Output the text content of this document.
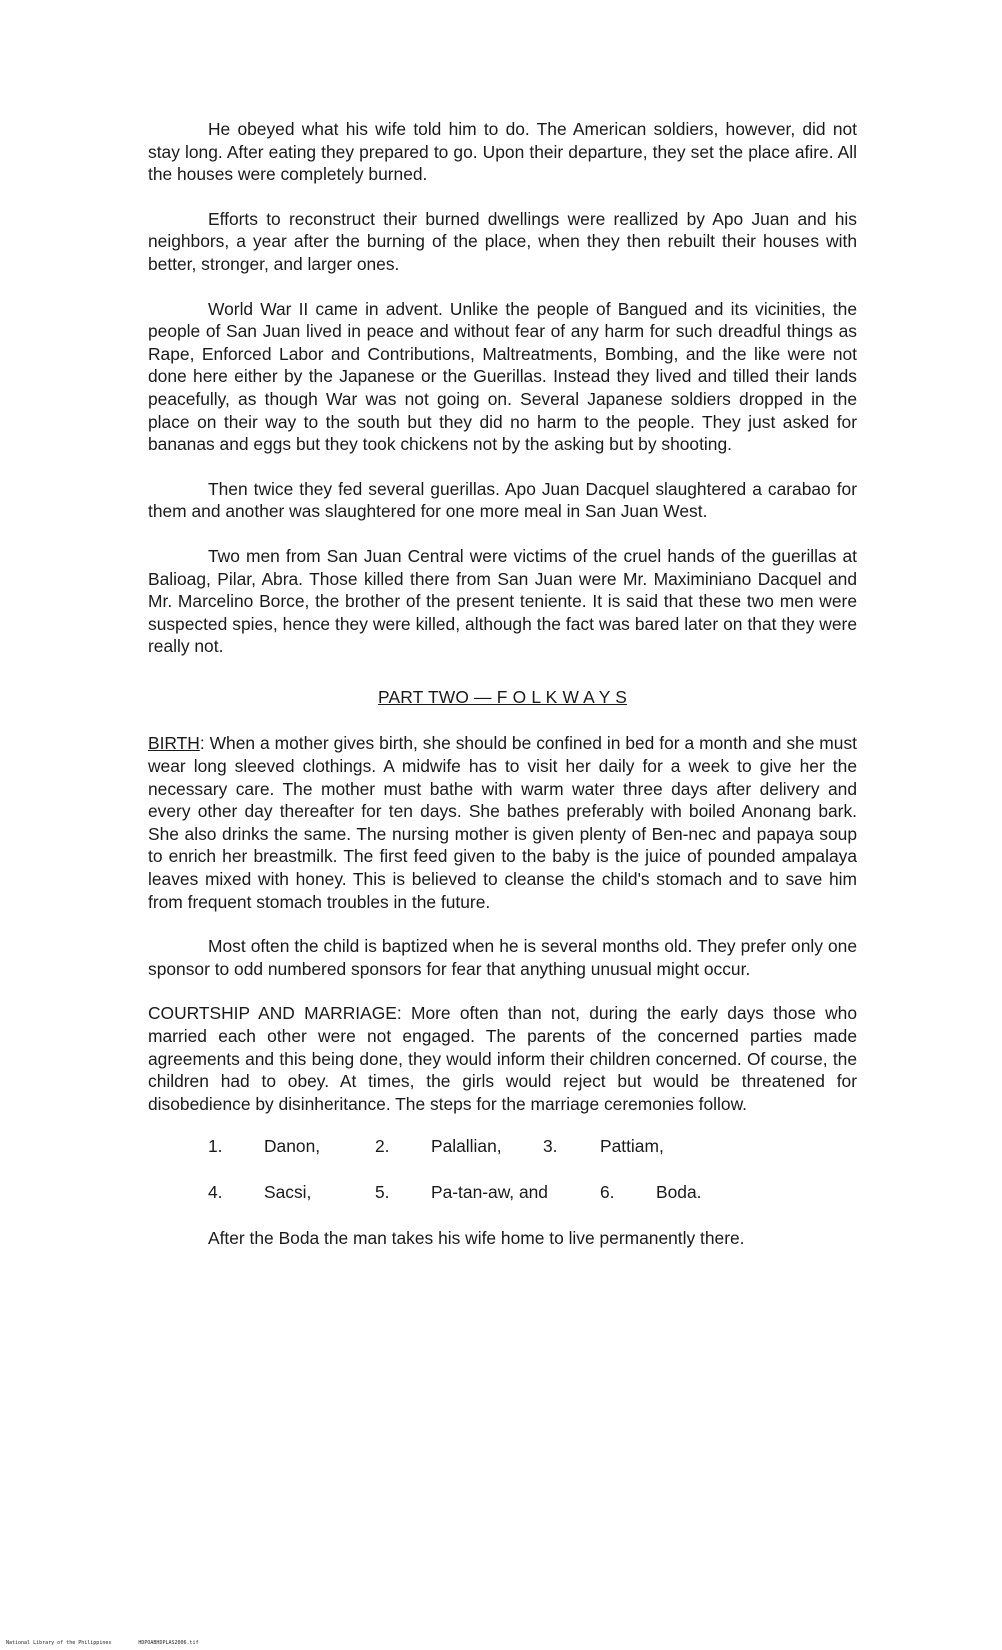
He obeyed what his wife told him to do. The American soldiers, however, did not stay long. After eating they prepared to go. Upon their departure, they set the place afire. All the houses were completely burned.

Efforts to reconstruct their burned dwellings were reallized by Apo Juan and his neighbors, a year after the burning of the place, when they then rebuilt their houses with better, stronger, and larger ones.

World War II came in advent. Unlike the people of Bangued and its vicinities, the people of San Juan lived in peace and without fear of any harm for such dreadful things as Rape, Enforced Labor and Contributions, Maltreatments, Bombing, and the like were not done here either by the Japanese or the Guerillas. Instead they lived and tilled their lands peacefully, as though War was not going on. Several Japanese soldiers dropped in the place on their way to the south but they did no harm to the people. They just asked for bananas and eggs but they took chickens not by the asking but by shooting.

Then twice they fed several guerillas. Apo Juan Dacquel slaughtered a carabao for them and another was slaughtered for one more meal in San Juan West.

Two men from San Juan Central were victims of the cruel hands of the guerillas at Balioag, Pilar, Abra. Those killed there from San Juan were Mr. Maximiniano Dacquel and Mr. Marcelino Borce, the brother of the present teniente. It is said that these two men were suspected spies, hence they were killed, although the fact was bared later on that they were really not.

PART TWO — F O L K W A Y S

BIRTH: When a mother gives birth, she should be confined in bed for a month and she must wear long sleeved clothings. A midwife has to visit her daily for a week to give her the necessary care. The mother must bathe with warm water three days after delivery and every other day thereafter for ten days. She bathes preferably with boiled Anonang bark. She also drinks the same. The nursing mother is given plenty of Ben-nec and papaya soup to enrich her breastmilk. The first feed given to the baby is the juice of pounded ampalaya leaves mixed with honey. This is believed to cleanse the child's stomach and to save him from frequent stomach troubles in the future.

Most often the child is baptized when he is several months old. They prefer only one sponsor to odd numbered sponsors for fear that anything unusual might occur.

COURTSHIP AND MARRIAGE: More often than not, during the early days those who married each other were not engaged. The parents of the concerned parties made agreements and this being done, they would inform their children concerned. Of course, the children had to obey. At times, the girls would reject but would be threatened for disobedience by disinheritance. The steps for the marriage ceremonies follow.

1. Danon,	2. Palallian, 3. Pattiam,
4. Sacsi,	5. Pa-tan-aw, and	6. Boda.

After the Boda the man takes his wife home to live permanently there.

National Library of the Philippines	HDPOABHDPLAS2006.tif
